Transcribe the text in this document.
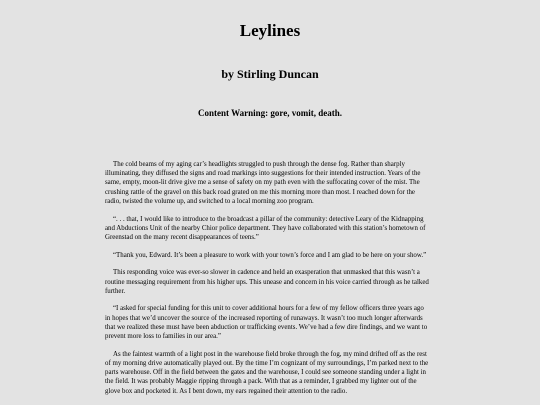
Leylines
by Stirling Duncan
Content Warning: gore, vomit, death.

The cold beams of my aging car’s headlights struggled to push through the dense fog. Rather than sharply illuminating, they diffused the signs and road markings into suggestions for their intended instruction. Years of the same, empty, moon-lit drive give me a sense of safety on my path even with the suffocating cover of the mist. The crushing rattle of the gravel on this back road grated on me this morning more than most. I reached down for the radio, twisted the volume up, and switched to a local morning zoo program.

“. . . that, I would like to introduce to the broadcast a pillar of the community: detective Leary of the Kidnapping and Abductions Unit of the nearby Chior police department. They have collaborated with this station’s hometown of Greenstad on the many recent disappearances of teens.”

“Thank you, Edward. It’s been a pleasure to work with your town’s force and I am glad to be here on your show.”

This responding voice was ever-so slower in cadence and held an exasperation that unmasked that this wasn’t a routine messaging requirement from his higher ups. This unease and concern in his voice carried through as he talked further.

“I asked for special funding for this unit to cover additional hours for a few of my fellow officers three years ago in hopes that we’d uncover the source of the increased reporting of runaways. It wasn’t too much longer afterwards that we realized these must have been abduction or trafficking events. We’ve had a few dire findings, and we want to prevent more loss to families in our area.”

As the faintest warmth of a light post in the warehouse field broke through the fog, my mind drifted off as the rest of my morning drive automatically played out. By the time I’m cognizant of my surroundings, I’m parked next to the parts warehouse. Off in the field between the gates and the warehouse, I could see someone standing under a light in the field. It was probably Maggie ripping through a pack. With that as a reminder, I grabbed my lighter out of the glove box and pocketed it. As I bent down, my ears regained their attention to the radio.
